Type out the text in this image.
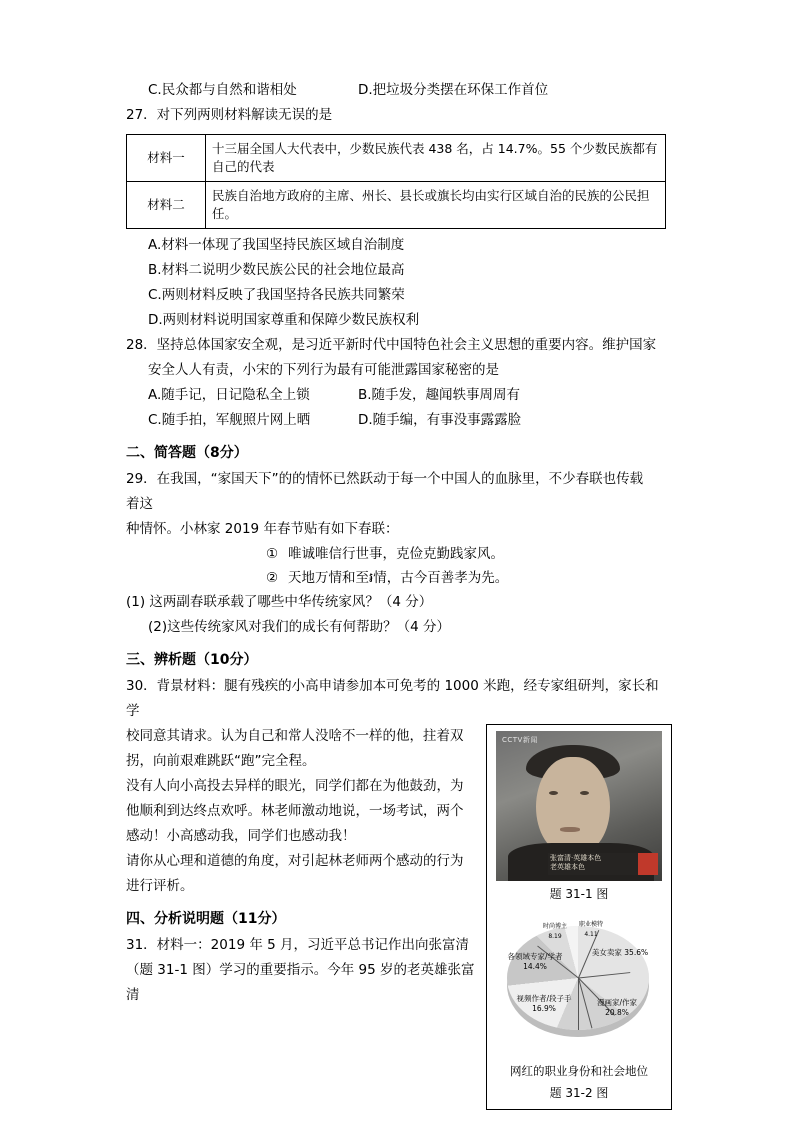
C.民众都与自然和谐相处	D.把垃圾分类摆在环保工作首位
27．对下列两则材料解读无误的是
材料一	十三届全国人大代表中，少数民族代表 438 名，占 14.7%。55 个少数民族都有自己的代表
材料二	民族自治地方政府的主席、州长、县长或旗长均由实行区域自治的民族的公民担任。
A.材料一体现了我国坚持民族区域自治制度
B.材料二说明少数民族公民的社会地位最高
C.两则材料反映了我国坚持各民族共同繁荣
D.两则材料说明国家尊重和保障少数民族权利
28．坚持总体国家安全观，是习近平新时代中国特色社会主义思想的重要内容。维护国家
安全人人有责，小宋的下列行为最有可能泄露国家秘密的是
A.随手记，日记隐私全上锁	B.随手发，趣闻轶事周周有
C.随手拍，军舰照片网上晒	D.随手编，有事没事露露脸
二、简答题（8分）
29．在我国，“家国天下”的的情怀已然跃动于每一个中国人的血脉里，不少春联也传载
着这
种情怀。小林家 2019 年春节贴有如下春联：
① 唯诚唯信行世事，克俭克勤践家风。
② 天地万情和至៛情，古今百善孝为先。
(1) 这两副春联承载了哪些中华传统家风？（4 分）
(2)这些传统家风对我们的成长有何帮助？（4 分）
三、辨析题（10分）
30．背景材料：腿有残疾的小高申请参加本可免考的 1000 米跑，经专家组研判，家长和学
校同意其请求。认为自己和常人没啥不一样的他，拄着双
拐，向前艰难跳跃“跑”完全程。
没有人向小高投去异样的眼光，同学们都在为他鼓劲，为
他顺利到达终点欢呼。林老师激动地说，一场考试，两个
感动！小高感动我，同学们也感动我！
请你从心理和道德的角度，对引起林老师两个感动的行为
进行评析。
四、分析说明题（11分）
31．材料一：2019 年 5 月，习近平总书记作出向张富清
（题 31-1 图）学习的重要指示。今年 95 岁的老英雄张富清
CCTV新闻
张富清·英雄本色
老英雄本色
题 31-1 图
美女卖家 35.6%
漫画家/作家 20.8%
视频作者/段子手 16.9%
各领域专家/学者 14.4%
时尚博主 8.19
职业模特 4.11
网红的职业身份和社会地位
题 31-2 图
